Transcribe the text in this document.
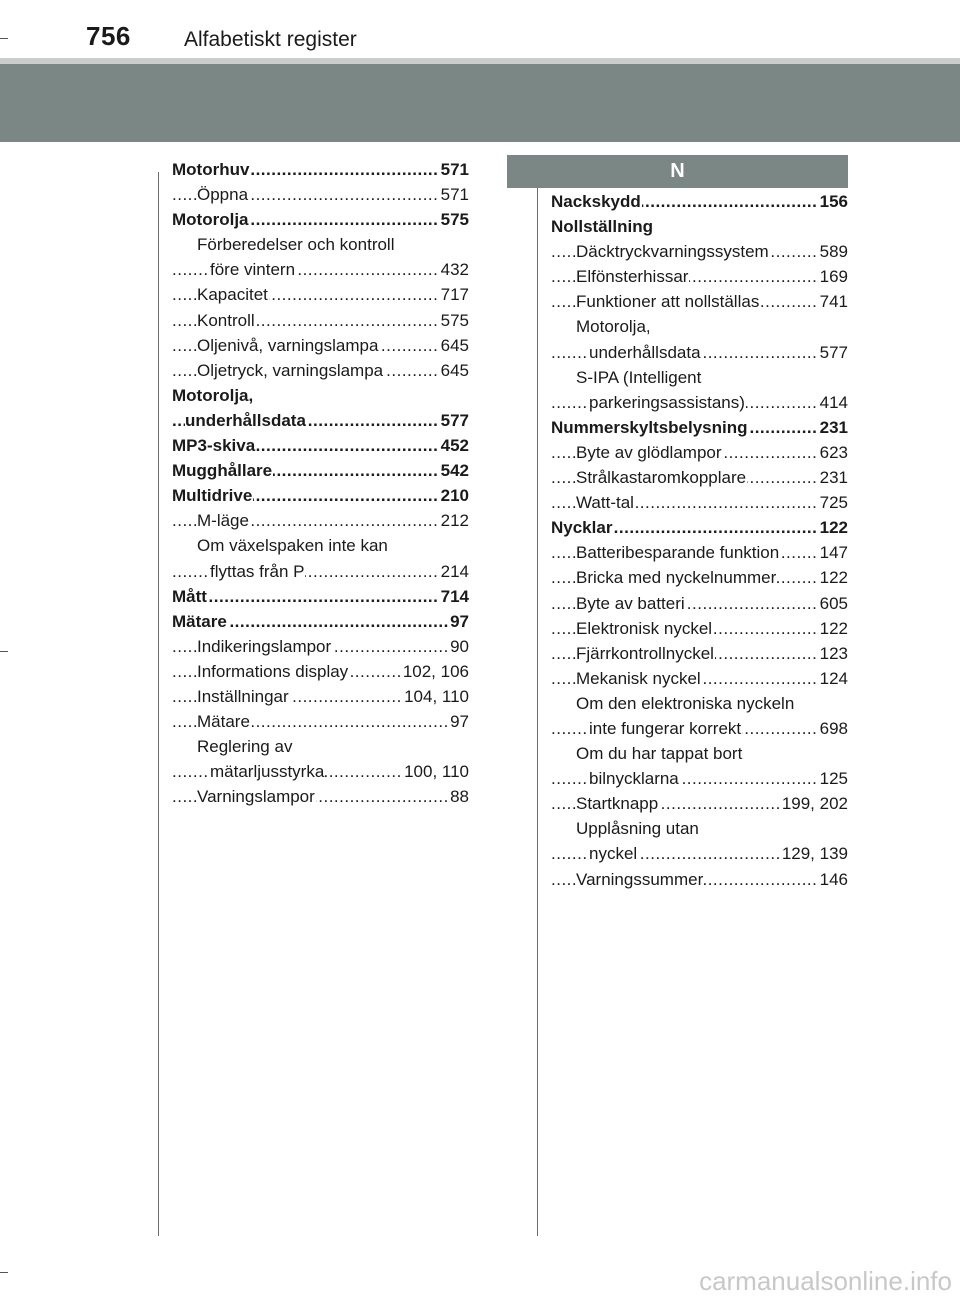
756	Alfabetiskt register
.....
Motorhuv	571
.....
Öppna	571
.....
Motorolja	575
Förberedelser och kontroll
.....
före vintern	432
.....
Kapacitet	717
.....
Kontroll	575
.....
Oljenivå, varningslampa	645
.....
Oljetryck, varningslampa	645
Motorolja,
.....
underhållsdata	577
.....
MP3-skiva	452
.....
Mugghållare	542
.....
Multidrive	210
.....
M-läge	212
Om växelspaken inte kan
.....
flyttas från P	214
.....
Mått	714
.....
Mätare	97
.....
Indikeringslampor	90
.....
Informations display	102, 106
.....
Inställningar	104, 110
.....
Mätare	97
Reglering av
.....
mätarljusstyrka	100, 110
.....
Varningslampor	88
N
.....
Nackskydd	156
Nollställning
.....
Däcktryckvarningssystem	589
.....
Elfönsterhissar	169
.....
Funktioner att nollställas	741
Motorolja,
.....
underhållsdata	577
S-IPA (Intelligent
.....
parkeringsassistans)	414
.....
Nummerskyltsbelysning	231
.....
Byte av glödlampor	623
.....
Strålkastaromkopplare	231
.....
Watt-tal	725
.....
Nycklar	122
.....
Batteribesparande funktion 147
.....
Bricka med nyckelnummer	122
.....
Byte av batteri	605
.....
Elektronisk nyckel	122
.....
Fjärrkontrollnyckel	123
.....
Mekanisk nyckel	124
Om den elektroniska nyckeln
.....
inte fungerar korrekt	698
Om du har tappat bort
.....
bilnycklarna	125
.....
Startknapp	199, 202
Upplåsning utan
.....
nyckel	129, 139
.....
Varningssummer	146
carmanualsonline.info
